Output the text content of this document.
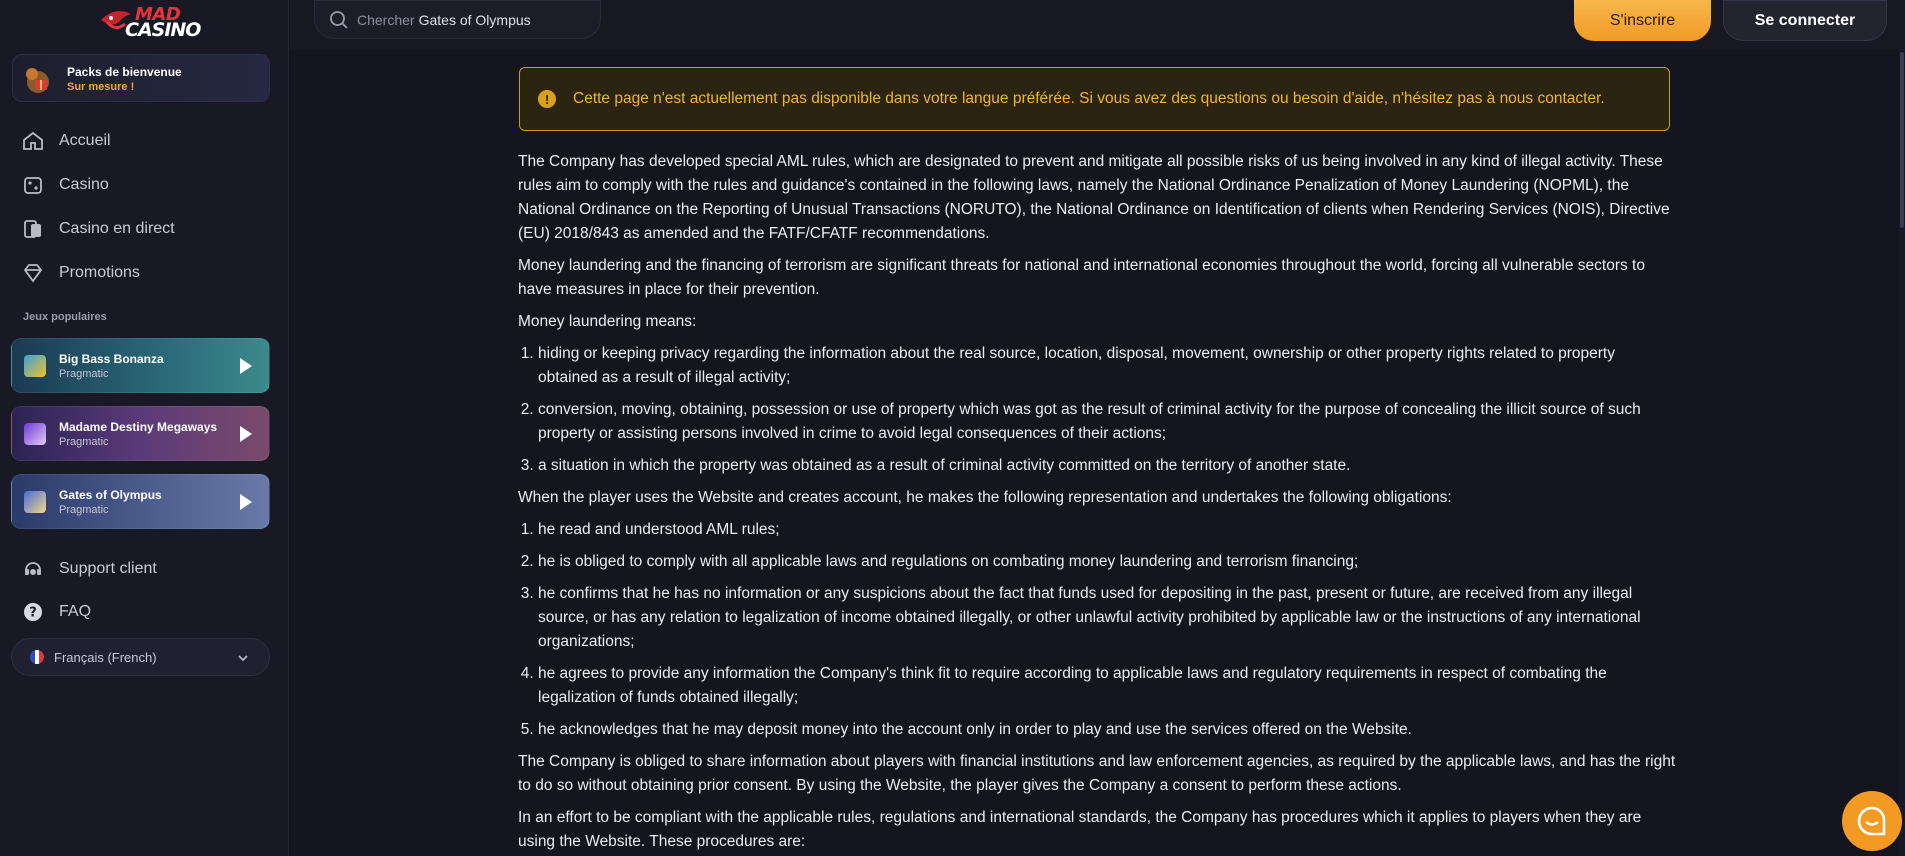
MAD
CASINO
Packs de bienvenue
Sur mesure !
Accueil
Casino
Casino en direct
Promotions
Jeux populaires
Big Bass Bonanza
Pragmatic
Madame Destiny Megaways
Pragmatic
Gates of Olympus
Pragmatic
Support client
? FAQ
Français (French)
Chercher Gates of Olympus	S'inscrire	Se connecter
!	Cette page n'est actuellement pas disponible dans votre langue préférée. Si vous avez des questions ou besoin d'aide, n'hésitez pas à nous contacter.

The Company has developed special AML rules, which are designated to prevent and mitigate all possible risks of us being involved in any kind of illegal activity. These rules aim to comply with the rules and guidance's contained in the following laws, namely the National Ordinance Penalization of Money Laundering (NOPML), the National Ordinance on the Reporting of Unusual Transactions (NORUTO), the National Ordinance on Identification of clients when Rendering Services (NOIS), Directive (EU) 2018/843 as amended and the FATF/CFATF recommendations.

Money laundering and the financing of terrorism are significant threats for national and international economies throughout the world, forcing all vulnerable sectors to have measures in place for their prevention.

Money laundering means:

1. hiding or keeping privacy regarding the information about the real source, location, disposal, movement, ownership or other property rights related to property obtained as a result of illegal activity;
2. conversion, moving, obtaining, possession or use of property which was got as the result of criminal activity for the purpose of concealing the illicit source of such property or assisting persons involved in crime to avoid legal consequences of their actions;
3. a situation in which the property was obtained as a result of criminal activity committed on the territory of another state.

When the player uses the Website and creates account, he makes the following representation and undertakes the following obligations:

1. he read and understood AML rules;
2. he is obliged to comply with all applicable laws and regulations on combating money laundering and terrorism financing;
3. he confirms that he has no information or any suspicions about the fact that funds used for depositing in the past, present or future, are received from any illegal source, or has any relation to legalization of income obtained illegally, or other unlawful activity prohibited by applicable law or the instructions of any international organizations;
4. he agrees to provide any information the Company's think fit to require according to applicable laws and regulatory requirements in respect of combating the legalization of funds obtained illegally;
5. he acknowledges that he may deposit money into the account only in order to play and use the services offered on the Website.

The Company is obliged to share information about players with financial institutions and law enforcement agencies, as required by the applicable laws, and has the right to do so without obtaining prior consent. By using the Website, the player gives the Company a consent to perform these actions.

In an effort to be compliant with the applicable rules, regulations and international standards, the Company has procedures which it applies to players when they are using the Website. These procedures are:
